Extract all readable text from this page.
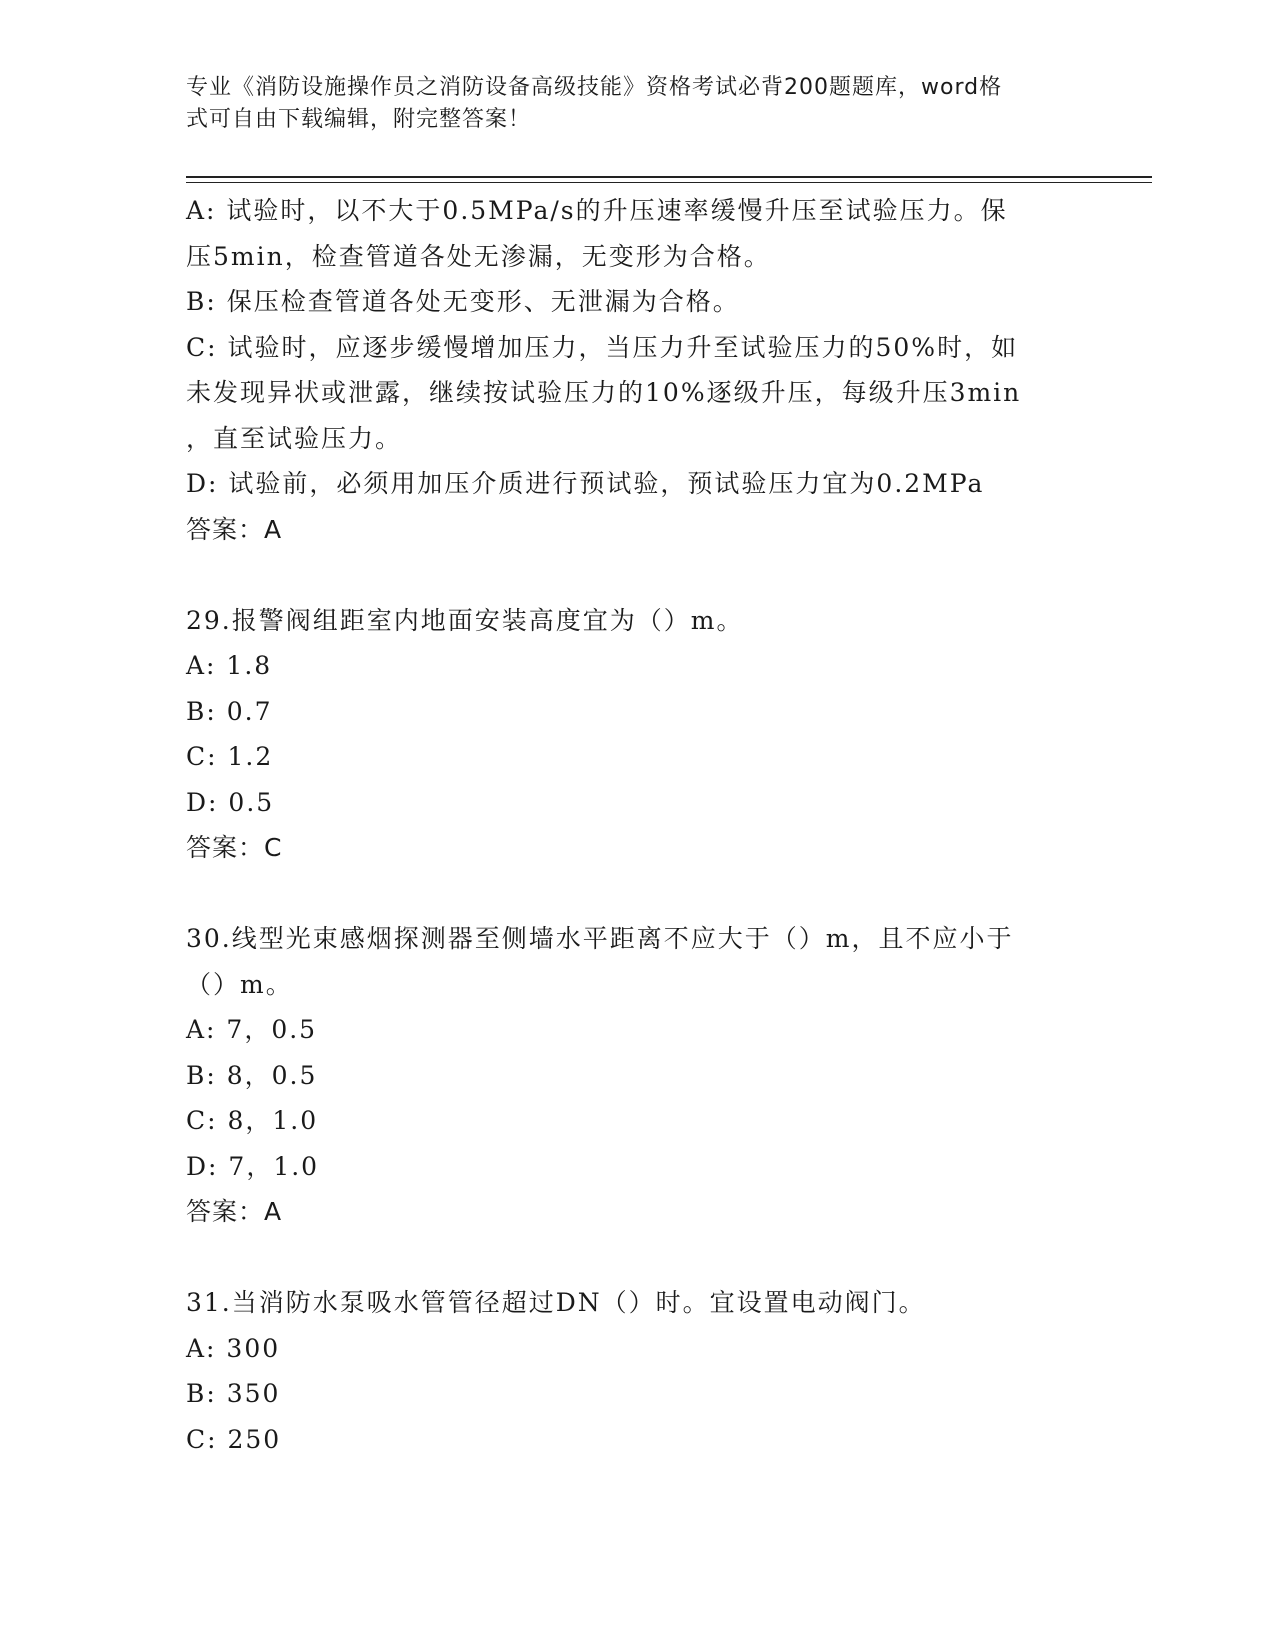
专业《消防设施操作员之消防设备高级技能》资格考试必背200题题库，word格
式可自由下载编辑，附完整答案！
A: 试验时，以不大于0.5MPa/s的升压速率缓慢升压至试验压力。保
压5min，检查管道各处无渗漏，无变形为合格。
B: 保压检查管道各处无变形、无泄漏为合格。
C: 试验时，应逐步缓慢增加压力，当压力升至试验压力的50%时，如
未发现异状或泄露，继续按试验压力的10%逐级升压，每级升压3min
，直至试验压力。
D: 试验前，必须用加压介质进行预试验，预试验压力宜为0.2MPa
答案：A
29.报警阀组距室内地面安装高度宜为（）m。
A: 1.8
B: 0.7
C: 1.2
D: 0.5
答案：C
30.线型光束感烟探测器至侧墙水平距离不应大于（）m，且不应小于
（）m。
A: 7，0.5
B: 8，0.5
C: 8，1.0
D: 7，1.0
答案：A
31.当消防水泵吸水管管径超过DN（）时。宜设置电动阀门。
A: 300
B: 350
C: 250
